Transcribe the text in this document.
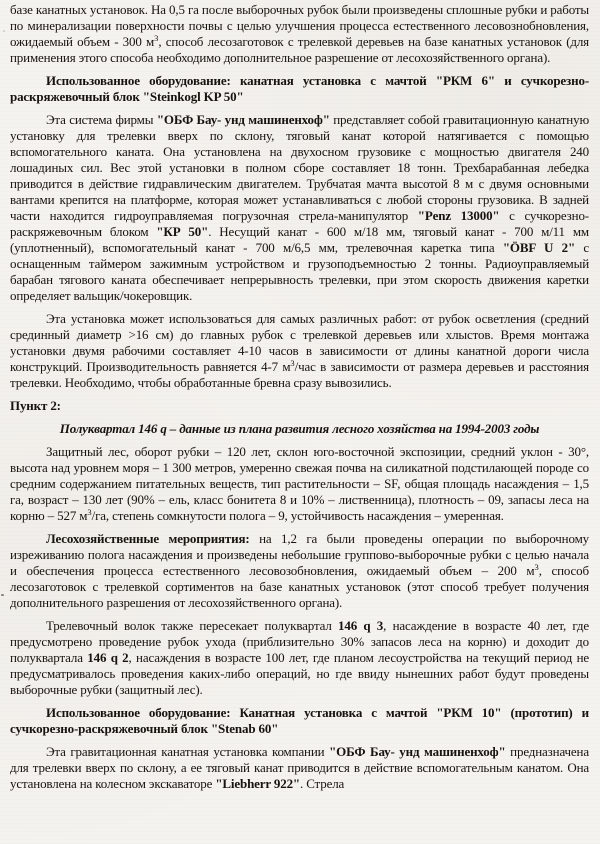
базе канатных установок. На 0,5 га после выборочных рубок были произведены сплошные рубки и работы по минерализации поверхности почвы с целью улучшения процесса естественного лесовознобновления, ожидаемый объем - 300 $м^3$, способ лесозаготовок с трелевкой деревьев на базе канатных установок (для применения этого способа необходимо дополнительное разрешение от лесохозяйственного органа).

Использованное оборудование: канатная установка с мачтой "РКМ 6" и сучкорезно-раскряжевочный блок "Steinkogl KP 50"

Эта система фирмы "ОБФ Бау- унд машиненхоф" представляет собой гравитационную канатную установку для трелевки вверх по склону, тяговый канат которой натягивается с помощью вспомогательного каната. Она установлена на двухосном грузовике с мощностью двигателя 240 лошадиных сил. Вес этой установки в полном сборе составляет 18 тонн. Трехбарабанная лебедка приводится в действие гидравлическим двигателем. Трубчатая мачта высотой 8 м с двумя основными вантами крепится на платформе, которая может устанавливаться с любой стороны грузовика. В задней части находится гидроуправляемая погрузочная стрела-манипулятор "Penz 13000" с сучкорезно-раскряжевочным блоком "КР 50". Несущий канат - 600 м/18 мм, тяговый канат - 700 м/11 мм (уплотненный), вспомогательный канат - 700 м/6,5 мм, трелевочная каретка типа "ÖBF U 2" с оснащенным таймером зажимным устройством и грузоподъемностью 2 тонны. Радиоуправляемый барабан тягового каната обеспечивает непрерывность трелевки, при этом скорость движения каретки определяет вальщик/чокеровщик.

Эта установка может использоваться для самых различных работ: от рубок осветления (средний срединный диаметр >16 см) до главных рубок с трелевкой деревьев или хлыстов. Время монтажа установки двумя рабочими составляет 4-10 часов в зависимости от длины канатной дороги числа конструкций. Производительность равняется 4-7 $м^3$/час в зависимости от размера деревьев и расстояния трелевки. Необходимо, чтобы обработанные бревна сразу вывозились.

Пункт 2:

Полуквартал 146 q – данные из плана развития лесного хозяйства на 1994-2003 годы

Защитный лес, оборот рубки – 120 лет, склон юго-восточной экспозиции, средний уклон - 30°, высота над уровнем моря – 1 300 метров, умеренно свежая почва на силикатной подстилающей породе со средним содержанием питательных веществ, тип растительности – SF, общая площадь насаждения – 1,5 га, возраст – 130 лет (90% – ель, класс бонитета 8 и 10% – лиственница), плотность – 09, запасы леса на корню – 527 $м^3/га$, степень сомкнутости полога – 9, устойчивость насаждения – умеренная.

Лесохозяйственные мероприятия: на 1,2 га были проведены операции по выборочному изреживанию полога насаждения и произведены небольшие группово-выборочные рубки с целью начала и обеспечения процесса естественного лесовозобновления, ожидаемый объем – 200 $м^3$, способ лесозаготовок с трелевкой сортиментов на базе канатных установок (этот способ требует получения дополнительного разрешения от лесохозяйственного органа).

Трелевочный волок также пересекает полуквартал 146 q 3, насаждение в возрасте 40 лет, где предусмотрено проведение рубок ухода (приблизительно 30% запасов леса на корню) и доходит до полуквартала 146 q 2, насаждения в возрасте 100 лет, где планом лесоустройства на текущий период не предусматривалось проведения каких-либо операций, но где ввиду нынешних работ будут проведены выборочные рубки (защитный лес).

Использованное оборудование: Канатная установка с мачтой "РКМ 10" (прототип) и сучкорезно-раскряжевочный блок "Stenab 60"

Эта гравитационная канатная установка компании "ОБФ Бау- унд машиненхоф" предназначена для трелевки вверх по склону, а ее тяговый канат приводится в действие вспомогательным канатом. Она установлена на колесном экскаваторе "Liebherr 922". Стрела
